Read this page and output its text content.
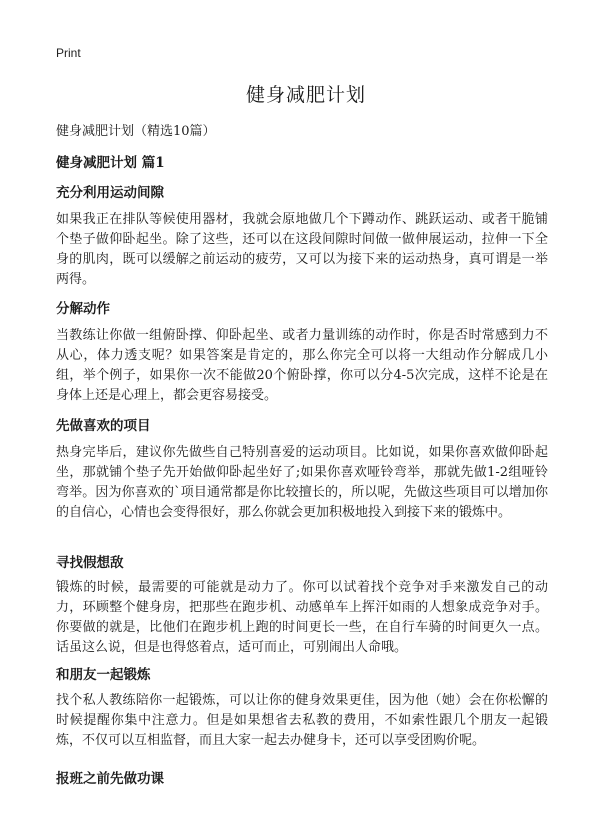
Print
健身减肥计划

健身减肥计划（精选10篇）

健身减肥计划 篇1
充分利用运动间隙

如果我正在排队等候使用器材，我就会原地做几个下蹲动作、跳跃运动、或者干脆铺个垫子做仰卧起坐。除了这些，还可以在这段间隙时间做一做伸展运动，拉伸一下全身的肌肉，既可以缓解之前运动的疲劳，又可以为接下来的运动热身，真可谓是一举两得。

分解动作

当教练让你做一组俯卧撑、仰卧起坐、或者力量训练的动作时，你是否时常感到力不从心，体力透支呢？如果答案是肯定的，那么你完全可以将一大组动作分解成几小组，举个例子，如果你一次不能做20个俯卧撑，你可以分4-5次完成，这样不论是在身体上还是心理上，都会更容易接受。

先做喜欢的项目

热身完毕后，建议你先做些自己特别喜爱的运动项目。比如说，如果你喜欢做仰卧起坐，那就铺个垫子先开始做仰卧起坐好了;如果你喜欢哑铃弯举，那就先做1-2组哑铃弯举。因为你喜欢的`项目通常都是你比较擅长的，所以呢，先做这些项目可以增加你的自信心，心情也会变得很好，那么你就会更加积极地投入到接下来的锻炼中。

寻找假想敌

锻炼的时候，最需要的可能就是动力了。你可以试着找个竞争对手来激发自己的动力，环顾整个健身房，把那些在跑步机、动感单车上挥汗如雨的人想象成竞争对手。你要做的就是，比他们在跑步机上跑的时间更长一些，在自行车骑的时间更久一点。话虽这么说，但是也得悠着点，适可而止，可别闹出人命哦。

和朋友一起锻炼

找个私人教练陪你一起锻炼，可以让你的健身效果更佳，因为他（她）会在你松懈的时候提醒你集中注意力。但是如果想省去私教的费用，不如索性跟几个朋友一起锻炼，不仅可以互相监督，而且大家一起去办健身卡，还可以享受团购价呢。

报班之前先做功课
